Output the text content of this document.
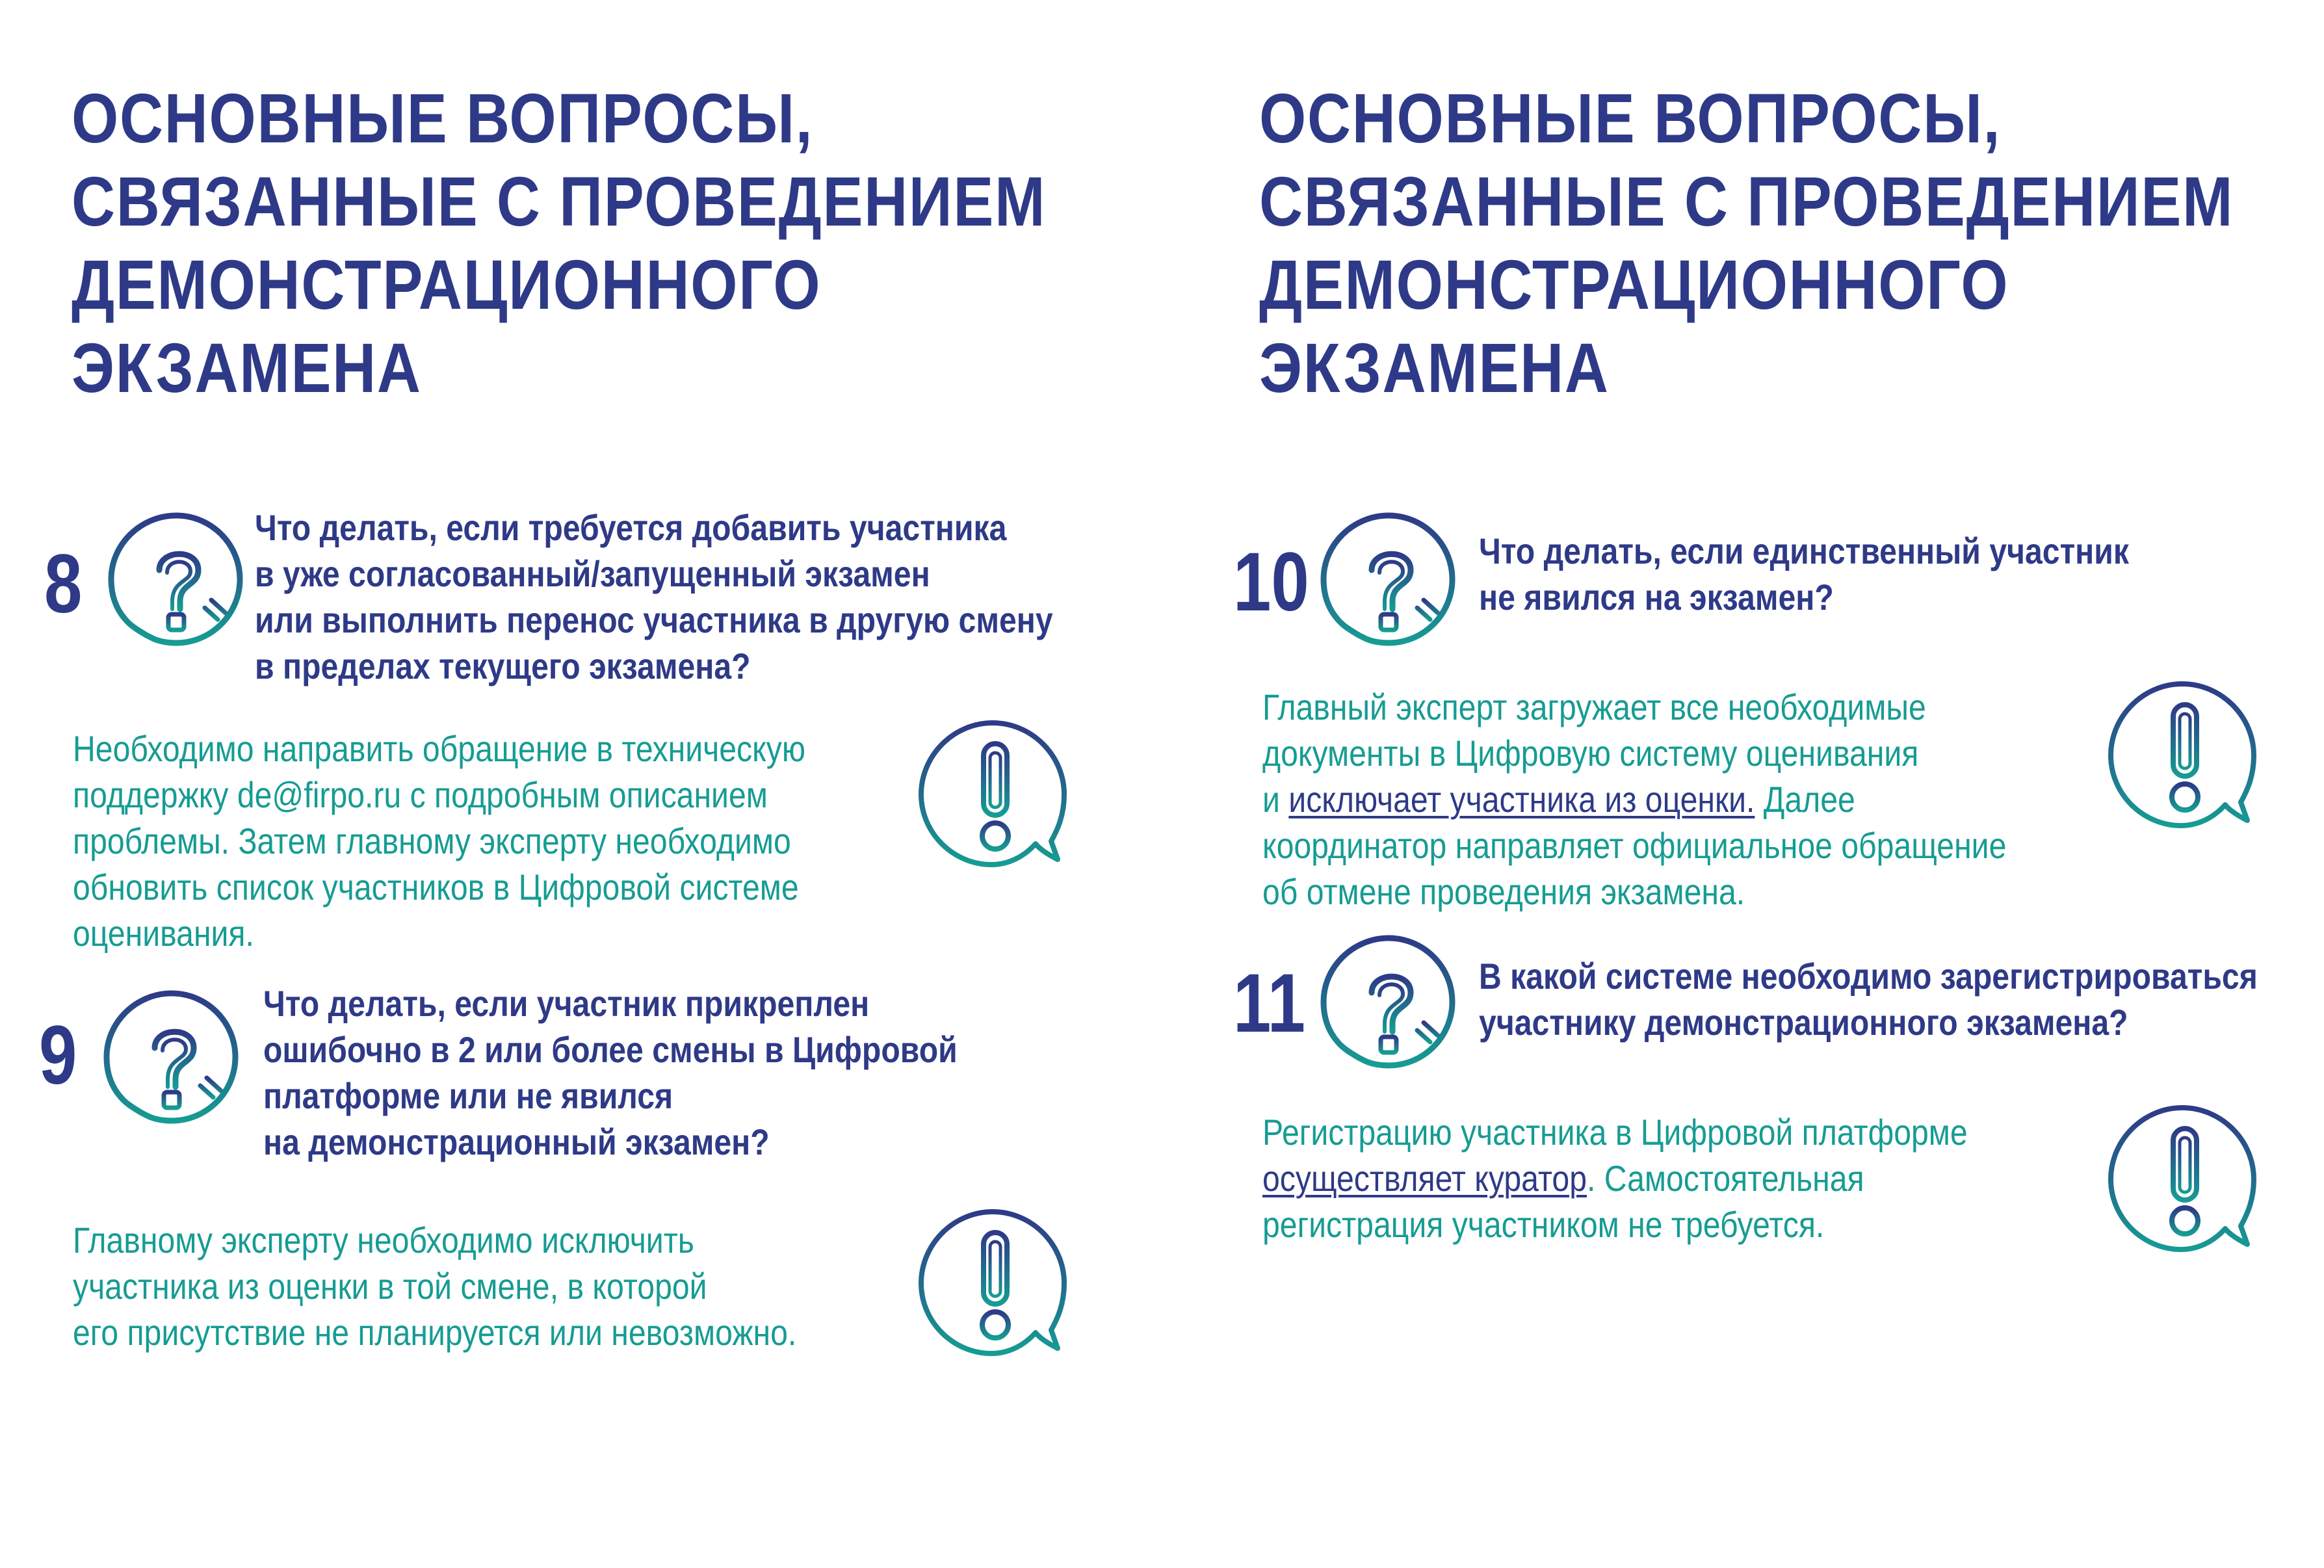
ОСНОВНЫЕ ВОПРОСЫ,
СВЯЗАННЫЕ С ПРОВЕДЕНИЕМ
ДЕМОНСТРАЦИОННОГО
ЭКЗАМЕНА
8
Что делать, если требуется добавить участника
в уже согласованный/запущенный экзамен
или выполнить перенос участника в другую смену
в пределах текущего экзамена?
Необходимо направить обращение в техническую
поддержку de@firpo.ru с подробным описанием
проблемы. Затем главному эксперту необходимо
обновить список участников в Цифровой системе
оценивания.
9
Что делать, если участник прикреплен
ошибочно в 2 или более смены в Цифровой
платформе или не явился
на демонстрационный экзамен?
Главному эксперту необходимо исключить
участника из оценки в той смене, в которой
его присутствие не планируется или невозможно.
ОСНОВНЫЕ ВОПРОСЫ,
СВЯЗАННЫЕ С ПРОВЕДЕНИЕМ
ДЕМОНСТРАЦИОННОГО
ЭКЗАМЕНА
10	Что делать, если единственный участник
не явился на экзамен?
Главный эксперт загружает все необходимые
документы в Цифровую систему оценивания
и исключает участника из оценки. Далее
координатор направляет официальное обращение
об отмене проведения экзамена.
11	В какой системе необходимо зарегистрироваться
участнику демонстрационного экзамена?
Регистрацию участника в Цифровой платформе
осуществляет куратор. Самостоятельная
регистрация участником не требуется.
